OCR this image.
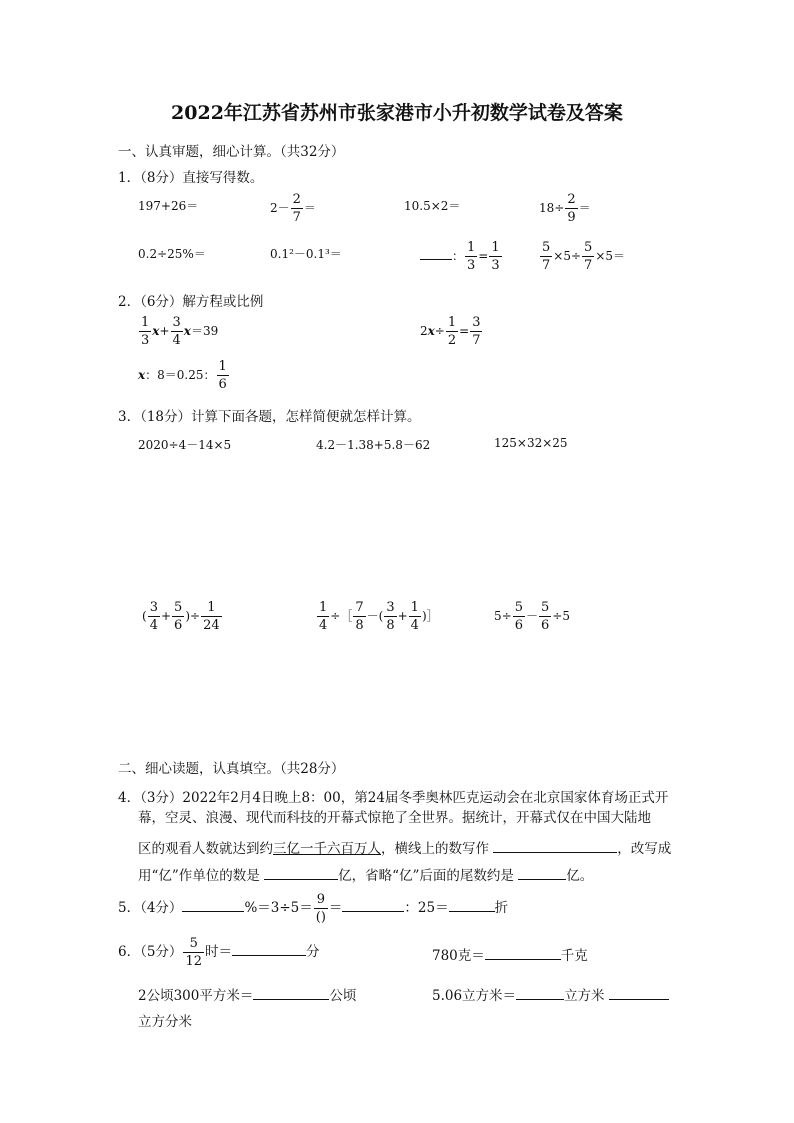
2022年江苏省苏州市张家港市小升初数学试卷及答案
一、认真审题，细心计算。（共32分）
1．（8分）直接写得数。
197+26＝	$2- \frac{2}{7}$ ＝	10.5×2＝	$18\div \frac{2}{9}$ ＝
0.2÷25%＝	0.1²－0.1³＝	： $\frac{1}{3} = \frac{1}{3}$	$\frac{5}{7} \times 5\div \frac{5}{7} \times 5=$
2．（6分）解方程或比例
$\frac{1}{3} x+ \frac{3}{4} x=39$	$2x\div \frac{1}{2} = \frac{3}{7}$
x：8＝0.25： $\frac{1}{6}$
3．（18分）计算下面各题，怎样简便就怎样计算。
2020÷4－14×5	4.2－1.38+5.8－62	125×32×25
( $\frac{3}{4} + \frac{5}{6}$ )÷ $\frac{1}{24}$	$\frac{1}{4}$ ÷［ $\frac{7}{8}$ －( $\frac{3}{8} + \frac{1}{4}$ )］	$5\div \frac{5}{6} - \frac{5}{6} \div 5$
二、细心读题，认真填空。（共28分）
4．（3分）2022年2月4日晚上8：00，第24届冬季奥林匹克运动会在北京国家体育场正式开
幕，空灵、浪漫、现代而科技的开幕式惊艳了全世界。据统计，开幕式仅在中国大陆地
区的观看人数就达到约三亿一千六百万人，横线上的数写作	，改写成
用“亿”作单位的数是	亿，省略“亿”后面的尾数约是	亿。
5．（4分）	$\%=3\div 5= \frac{9}{()}$ ＝	：25＝	折
6．（5分） $\frac{5}{12}$ 时＝	分	780克＝	千克
2公顷300平方米＝	公顷	5.06立方米＝	立方米
立方分米
